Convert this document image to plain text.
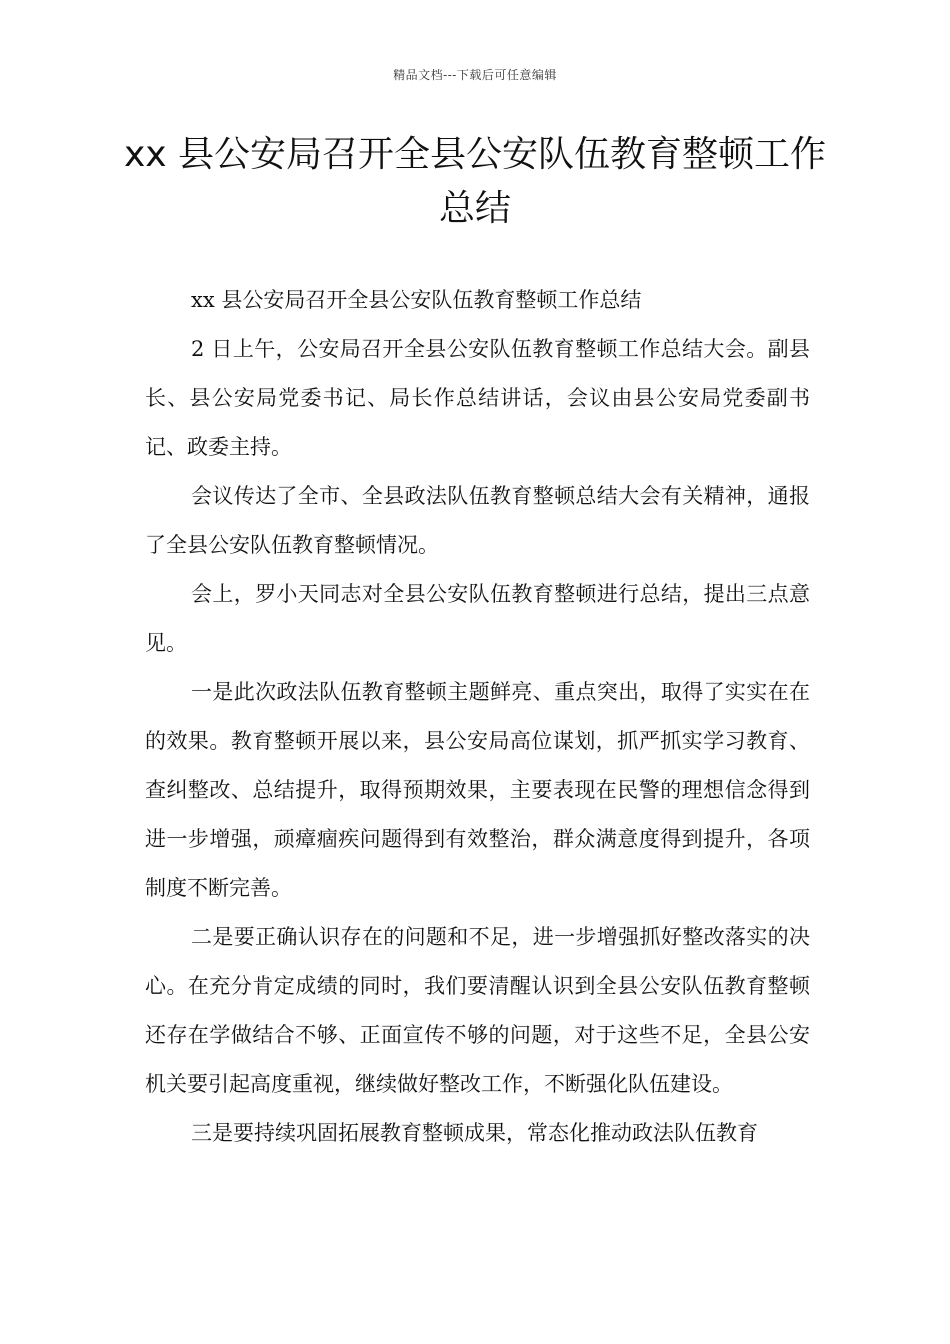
精品文档---下载后可任意编辑
xx 县公安局召开全县公安队伍教育整顿工作总结

xx 县公安局召开全县公安队伍教育整顿工作总结

2 日上午，公安局召开全县公安队伍教育整顿工作总结大会。副县长、县公安局党委书记、局长作总结讲话，会议由县公安局党委副书记、政委主持。

会议传达了全市、全县政法队伍教育整顿总结大会有关精神，通报了全县公安队伍教育整顿情况。

会上，罗小天同志对全县公安队伍教育整顿进行总结，提出三点意见。

一是此次政法队伍教育整顿主题鲜亮、重点突出，取得了实实在在的效果。教育整顿开展以来，县公安局高位谋划，抓严抓实学习教育、查纠整改、总结提升，取得预期效果，主要表现在民警的理想信念得到进一步增强，顽瘴痼疾问题得到有效整治，群众满意度得到提升，各项制度不断完善。

二是要正确认识存在的问题和不足，进一步增强抓好整改落实的决心。在充分肯定成绩的同时，我们要清醒认识到全县公安队伍教育整顿还存在学做结合不够、正面宣传不够的问题，对于这些不足，全县公安机关要引起高度重视，继续做好整改工作，不断强化队伍建设。

三是要持续巩固拓展教育整顿成果，常态化推动政法队伍教育
